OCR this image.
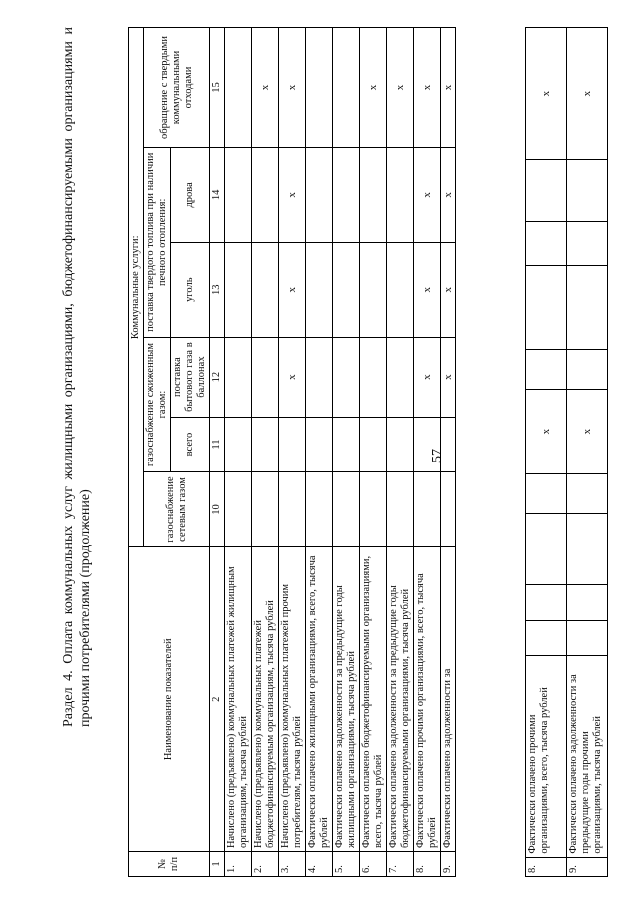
57
8.	Фактически оплачено прочими организациями, всего, тысяча рублей					x					x
9.	Фактически оплачено задолженности за предыдущие годы прочими организациями, тысяча рублей					x					x
Раздел 4. Оплата коммунальных услуг жилищными организациями, бюджетофинансируемыми организациями и прочими потребителями (продолжение)
№ п/п	Наименование показателей	Коммунальные услуги:					
		газоснабжение сетевым газом	газоснабжение сжиженным газом:		поставка твердого топлива при наличии печного отопления:		обращение с твердыми коммунальными отходами
			всего	поставка бытового газа в баллонах	уголь	дрова	
1	2	10	11	12	13	14	15
1.	Начислено (предъявлено) коммунальных платежей жилищным организациям, тысяча рублей						
2.	Начислено (предъявлено) коммунальных платежей бюджетофинансируемым организациям, тысяча рублей						x
3.	Начислено (предъявлено) коммунальных платежей прочим потребителям, тысяча рублей			x	x	x	x
4.	Фактически оплачено жилищными организациями, всего, тысяча рублей						
5.	Фактически оплачено задолженности за предыдущие годы жилищными организациями, тысяча рублей						
6.	Фактически оплачено бюджетофинансируемыми организациями, всего, тысяча рублей						x
7.	Фактически оплачено задолженности за предыдущие годы бюджетофинансируемыми организациями, тысяча рублей						x
8.	Фактически оплачено прочими организациями, всего, тысяча рублей			x	x	x	x
9.	Фактически оплачено задолженности за			x	x	x	x
